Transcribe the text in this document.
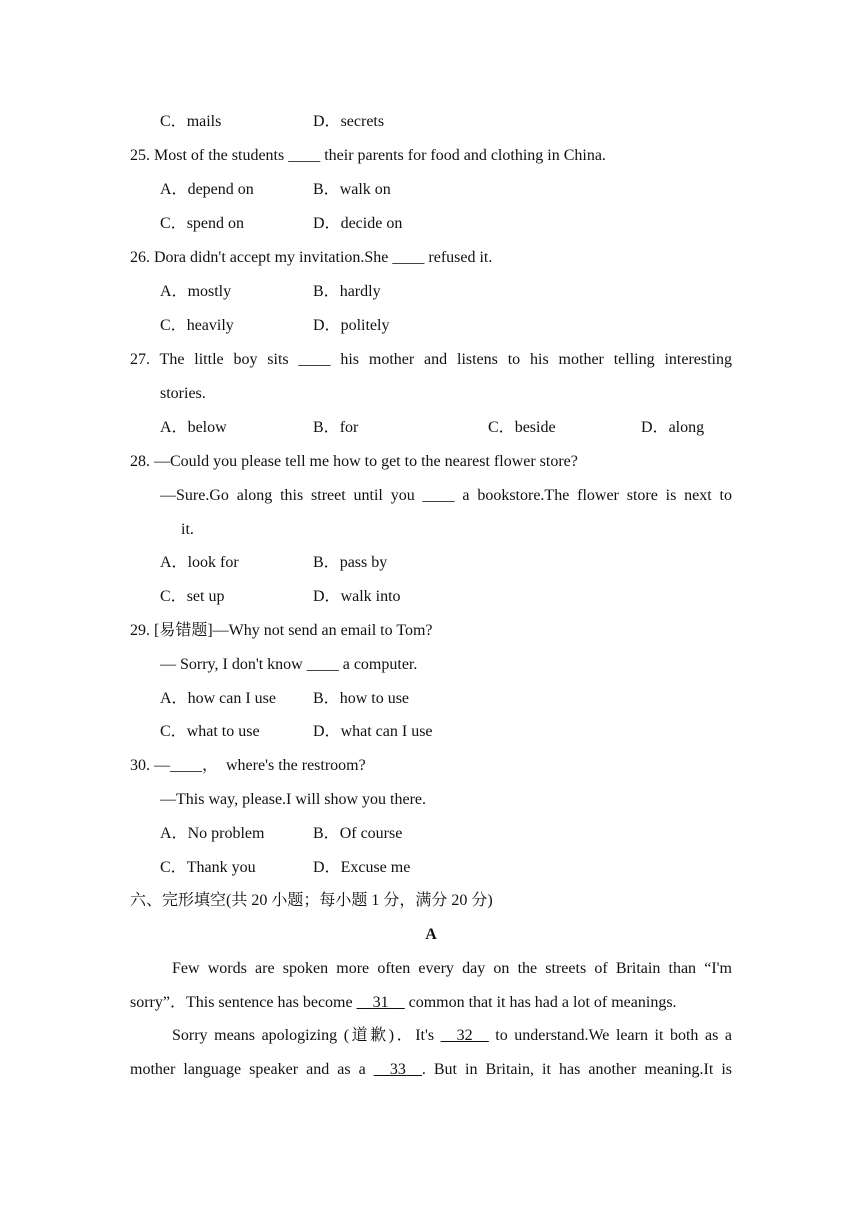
C．mails	D．secrets
25. Most of the students ____ their parents for food and clothing in China.
A．depend on	B．walk on
C．spend on	D．decide on
26. Dora didn't accept my invitation.She ____ refused it.
A．mostly	B．hardly
C．heavily	D．politely
27. The little boy sits ____ his mother and listens to his mother telling interesting
stories.
A．below	B．for	C．beside	D．along
28. —Could you please tell me how to get to the nearest flower store?
—Sure.Go along this street until you ____ a bookstore.The flower store is next to
it.
A．look for	B．pass by
C．set up	D．walk into
29. [易错题]—Why not send an email to Tom?
— Sorry, I don't know ____ a computer.
A．how can I use B．how to use
C．what to use	D．what can I use
30. —____，  where's the restroom?
—This way, please.I will show you there.
A．No problem	B．Of course
C．Thank you	D．Excuse me
六、完形填空(共 20 小题；每小题 1 分，满分 20 分)
A
Few words are spoken more often every day on the streets of Britain than “I'm
sorry”．This sentence has become __31__ common that it has had a lot of meanings.
Sorry means apologizing (道歉)．It's __32__ to understand.We learn it both as a
mother language speaker and as a __33__. But in Britain, it has another meaning.It is
